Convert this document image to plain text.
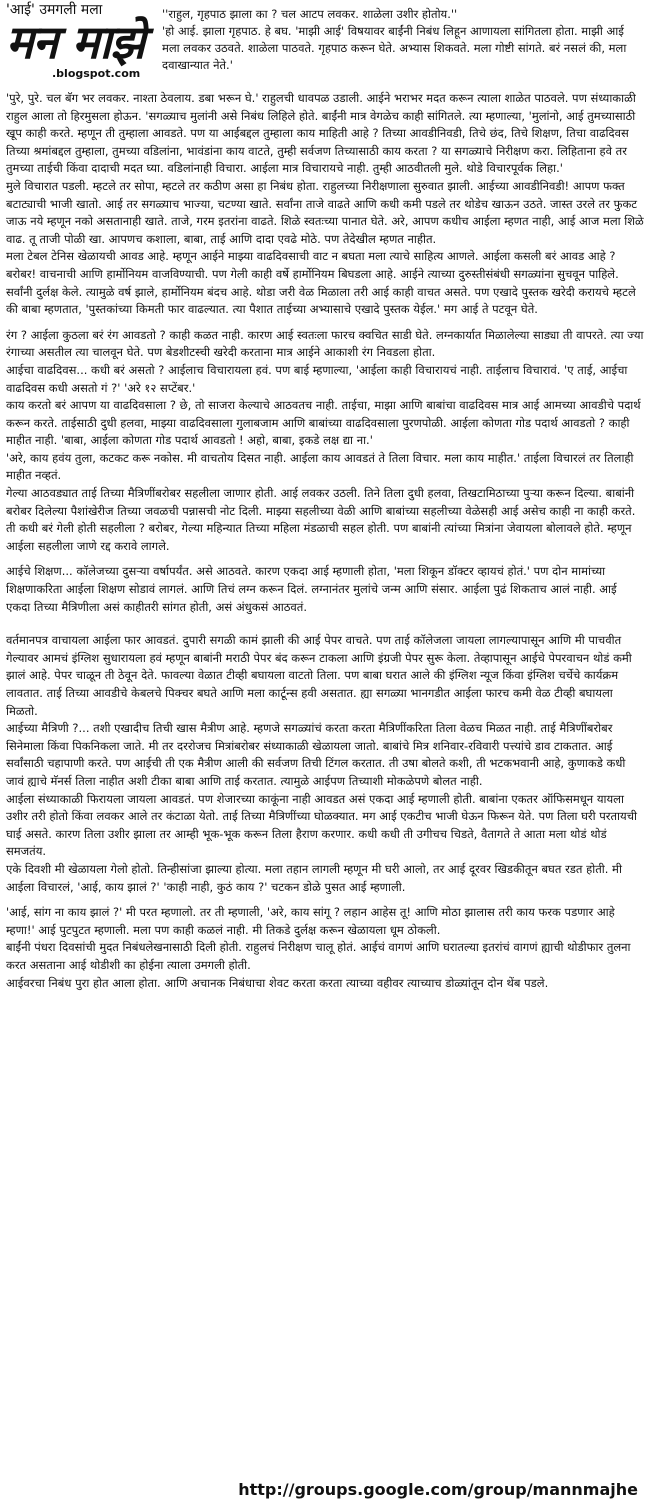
'आई' उमगली मला
मन माझे
.blogspot.com

''राहुल, गृहपाठ झाला का ? चल आटप लवकर. शाळेला उशीर होतोय.''

'हो आई. झाला गृहपाठ. हे बघ. 'माझी आई' विषयावर बाईंनी निबंध लिहून आणायला सांगितला होता. माझी आई मला लवकर उठवते. शाळेला पाठवते. गृहपाठ करून घेते. अभ्यास शिकवते. मला गोष्टी सांगते. बरं नसलं की, मला दवाखान्यात नेते.'

'पुरे, पुरे. चल बॅग भर लवकर. नाश्ता ठेवलाय. डबा भरून घे.' राहुलची धावपळ उडाली. आईने भराभर मदत करून त्याला शाळेत पाठवले. पण संध्याकाळी राहुल आला तो हिरमुसला होऊन. 'सगळ्याच मुलांनी असे निबंध लिहिले होते. बाईंनी मात्र वेगळेच काही सांगितले. त्या म्हणाल्या, 'मुलांनो, आई तुमच्यासाठी खूप काही करते. म्हणून ती तुम्हाला आवडते. पण या आईबद्दल तुम्हाला काय माहिती आहे ? तिच्या आवडीनिवडी, तिचे छंद, तिचे शिक्षण, तिचा वाढदिवस तिच्या श्रमांबद्दल तुम्हाला, तुमच्या वडिलांना, भावंडांना काय वाटते, तुम्ही सर्वजण तिच्यासाठी काय करता ? या सगळ्याचे निरीक्षण करा. लिहिताना हवे तर तुमच्या ताईची किंवा दादाची मदत घ्या. वडिलांनाही विचारा. आईला मात्र विचारायचे नाही. तुम्ही आठवीतली मुले. थोडे विचारपूर्वक लिहा.'

मुले विचारात पडली. म्हटले तर सोपा, म्हटले तर कठीण असा हा निबंध होता. राहुलच्या निरीक्षणाला सुरुवात झाली. आईच्या आवडीनिवडी! आपण फक्त बटाट्याची भाजी खातो. आई तर सगळ्याच भाज्या, चटण्या खाते. सर्वांना ताजे वाढते आणि कधी कमी पडले तर थोडेच खाऊन उठते. जास्त उरले तर फुकट जाऊ नये म्हणून नको असतानाही खाते. ताजे, गरम इतरांना वाढते. शिळे स्वतःच्या पानात घेते. अरे, आपण कधीच आईला म्हणत नाही, आई आज मला शिळे वाढ. तू ताजी पोळी खा. आपणच कशाला, बाबा, ताई आणि दादा एवढे मोठे. पण तेदेखील म्हणत नाहीत.

मला टेबल टेनिस खेळायची आवड आहे. म्हणून आईने माझ्या वाढदिवसाची वाट न बघता मला त्याचे साहित्य आणले. आईला कसली बरं आवड आहे ? बरोबर! वाचनाची आणि हार्मोनियम वाजविण्याची. पण गेली काही वर्षे हार्मोनियम बिघडला आहे. आईने त्याच्या दुरुस्तीसंबंधी सगळ्यांना सुचवून पाहिले. सर्वांनी दुर्लक्ष केले. त्यामुळे वर्ष झाले, हार्मोनियम बंदच आहे. थोडा जरी वेळ मिळाला तरी आई काही वाचत असते. पण एखादे पुस्तक खरेदी करायचे म्हटले की बाबा म्हणतात, 'पुस्तकांच्या किमती फार वाढल्यात. त्या पैशात ताईच्या अभ्यासाचे एखादे पुस्तक येईल.' मग आई ते पटवून घेते.

रंग ? आईला कुठला बरं रंग आवडतो ? काही कळत नाही. कारण आई स्वतःला फारच क्वचित साडी घेते. लग्नकार्यात मिळालेल्या साड्या ती वापरते. त्या ज्या रंगाच्या असतील त्या चालवून घेते. पण बेडशीटस्ची खरेदी करताना मात्र आईने आकाशी रंग निवडला होता.

आईचा वाढदिवस... कधी बरं असतो ? आईलाच विचारायला हवं. पण बाई म्हणाल्या, 'आईला काही विचारायचं नाही. ताईलाच विचारावं. 'ए ताई, आईचा वाढदिवस कधी असतो गं ?' 'अरे १२ सप्टेंबर.'

काय करतो बरं आपण या वाढदिवसाला ? छे, तो साजरा केल्याचे आठवतच नाही. ताईचा, माझा आणि बाबांचा वाढदिवस मात्र आई आमच्या आवडीचे पदार्थ करून करते. ताईसाठी दुधी हलवा, माझ्या वाढदिवसाला गुलाबजाम आणि बाबांच्या वाढदिवसाला पुरणपोळी. आईला कोणता गोड पदार्थ आवडतो ? काही माहीत नाही. 'बाबा, आईला कोणता गोड पदार्थ आवडतो ! अहो, बाबा, इकडे लक्ष द्या ना.'

'अरे, काय हवंय तुला, कटकट करू नकोस. मी वाचतोय दिसत नाही. आईला काय आवडतं ते तिला विचार. मला काय माहीत.' ताईला विचारलं तर तिलाही माहीत नव्हतं.

गेल्या आठवड्यात ताई तिच्या मैत्रिणींबरोबर सहलीला जाणार होती. आई लवकर उठली. तिने तिला दुधी हलवा, तिखटामिठाच्या पुऱ्या करून दिल्या. बाबांनी बरोबर दिलेल्या पैशांखेरीज तिच्या जवळची पन्नासची नोट दिली. माझ्या सहलीच्या वेळी आणि बाबांच्या सहलीच्या वेळेसही आई असेच काही ना काही करते. ती कधी बरं गेली होती सहलीला ? बरोबर, गेल्या महिन्यात तिच्या महिला मंडळाची सहल होती. पण बाबांनी त्यांच्या मित्रांना जेवायला बोलावले होते. म्हणून आईला सहलीला जाणे रद्द करावे लागले.

आईचे शिक्षण... कॉलेजच्या दुसऱ्या वर्षापर्यंत. असे आठवते. कारण एकदा आई म्हणाली होता, 'मला शिकून डॉक्टर व्हायचं होतं.' पण दोन मामांच्या शिक्षणाकरिता आईला शिक्षण सोडावं लागलं. आणि तिचं लग्न करून दिलं. लग्नानंतर मुलांचे जन्म आणि संसार. आईला पुढं शिकताच आलं नाही. आई एकदा तिच्या मैत्रिणीला असं काहीतरी सांगत होती, असं अंधुकसं आठवतं.

वर्तमानपत्र वाचायला आईला फार आवडतं. दुपारी सगळी कामं झाली की आई पेपर वाचते. पण ताई कॉलेजला जायला लागल्यापासून आणि मी पाचवीत गेल्यावर आमचं इंग्लिश सुधारायला हवं म्हणून बाबांनी मराठी पेपर बंद करून टाकला आणि इंग्रजी पेपर सुरू केला. तेव्हापासून आईचे पेपरवाचन थोडं कमी झालं आहे. पेपर चाळून ती ठेवून देते. फावल्या वेळात टीव्ही बघायला वाटतो तिला. पण बाबा घरात आले की इंग्लिश न्यूज किंवा इंग्लिश चर्चेचे कार्यक्रम लावतात. ताई तिच्या आवडीचे केबलचे पिक्चर बघते आणि मला कार्टून्स हवी असतात. ह्या सगळ्या भानगडीत आईला फारच कमी वेळ टीव्ही बघायला मिळतो.

आईच्या मैत्रिणी ?... तशी एखादीच तिची खास मैत्रीण आहे. म्हणजे सगळ्यांचं करता करता मैत्रिणींकरिता तिला वेळच मिळत नाही. ताई मैत्रिणींबरोबर सिनेमाला किंवा पिकनिकला जाते. मी तर दररोजच मित्रांबरोबर संध्याकाळी खेळायला जातो. बाबांचे मित्र शनिवार-रविवारी पत्त्यांचे डाव टाकतात. आई सर्वांसाठी चहापाणी करते. पण आईची ती एक मैत्रीण आली की सर्वजण तिची टिंगल करतात. ती उषा बोलते कशी, ती भटकभवानी आहे, कुणाकडे कधी जावं ह्याचे मॅनर्स तिला नाहीत अशी टीका बाबा आणि ताई करतात. त्यामुळे आईपण तिच्याशी मोकळेपणे बोलत नाही.

आईला संध्याकाळी फिरायला जायला आवडतं. पण शेजारच्या काकूंना नाही आवडत असं एकदा आई म्हणाली होती. बाबांना एकतर ऑफिसमधून यायला उशीर तरी होतो किंवा लवकर आले तर कंटाळा येतो. ताई तिच्या मैत्रिणींच्या घोळक्यात. मग आई एकटीच भाजी घेऊन फिरून येते. पण तिला घरी परतायची घाई असते. कारण तिला उशीर झाला तर आम्ही भूक-भूक करून तिला हैराण करणार. कधी कधी ती उगीचच चिडते, वैतागते ते आता मला थोडं थोडं समजतंय.

एके दिवशी मी खेळायला गेलो होतो. तिन्हीसांजा झाल्या होत्या. मला तहान लागली म्हणून मी घरी आलो, तर आई दूरवर खिडकीतून बघत रडत होती. मी आईला विचारलं, 'आई, काय झालं ?' 'काही नाही, कुठं काय ?' चटकन डोळे पुसत आई म्हणाली.

'आई, सांग ना काय झालं ?' मी परत म्हणालो. तर ती म्हणाली, 'अरे, काय सांगू ? लहान आहेस तू! आणि मोठा झालास तरी काय फरक पडणार आहे म्हणा!' आई पुटपुटत म्हणाली. मला पण काही कळलं नाही. मी तिकडे दुर्लक्ष करून खेळायला धूम ठोकली.

बाईंनी पंधरा दिवसांची मुदत निबंधलेखनासाठी दिली होती. राहुलचं निरीक्षण चालू होतं. आईचं वागणं आणि घरातल्या इतरांचं वागणं ह्याची थोडीफार तुलना करत असताना आई थोडीशी का होईना त्याला उमगली होती.

आईवरचा निबंध पुरा होत आला होता. आणि अचानक निबंधाचा शेवट करता करता त्याच्या वहीवर त्याच्याच डोळ्यांतून दोन थेंब पडले.

http://groups.google.com/group/mannmajhe
